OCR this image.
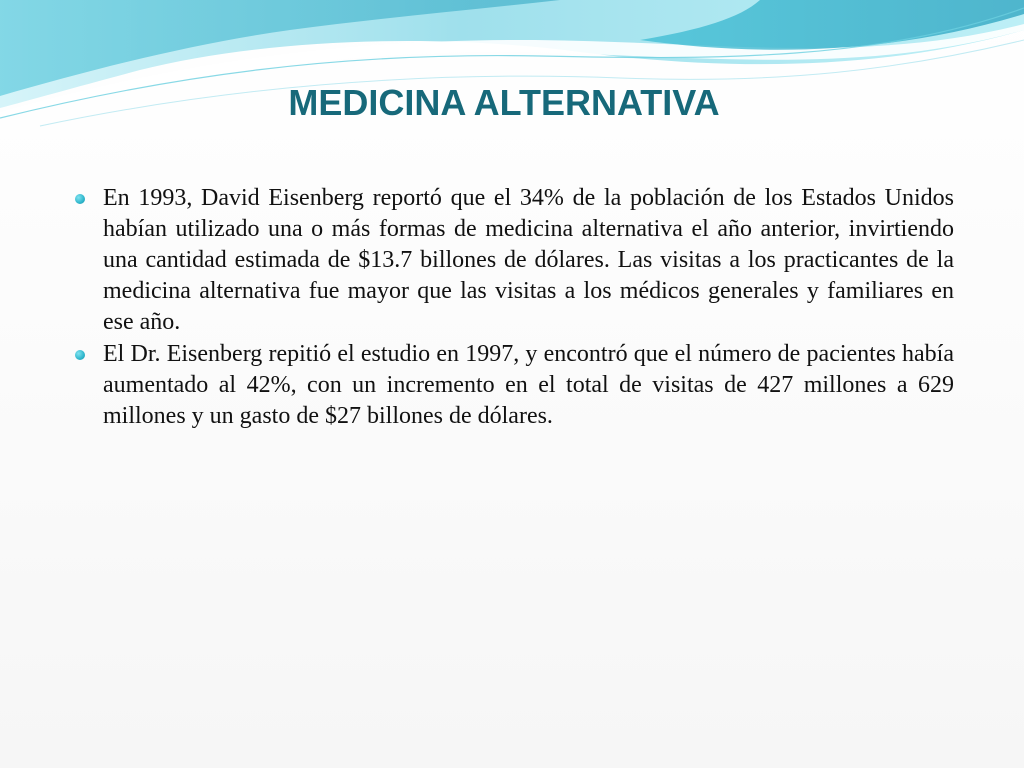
MEDICINA ALTERNATIVA

En 1993, David Eisenberg reportó que el 34% de la población de los Estados Unidos habían utilizado una o más formas de medicina alternativa el año anterior, invirtiendo una cantidad estimada de $13.7 billones de dólares. Las visitas a los practicantes de la medicina alternativa fue mayor que las visitas a los médicos generales y familiares en ese año.

El Dr. Eisenberg repitió el estudio en 1997, y encontró que el número de pacientes había aumentado al 42%, con un incremento en el total de visitas de 427 millones a 629 millones y un gasto de $27 billones de dólares.
